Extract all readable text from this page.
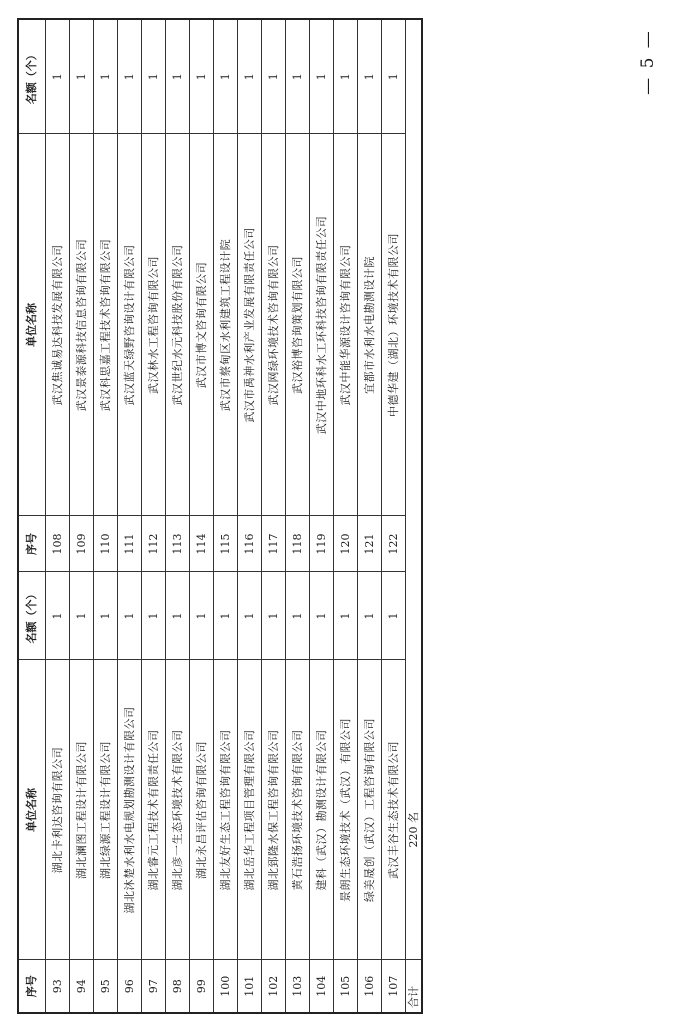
— 5 —
序号	单位名称	名额（个）	序号	单位名称	名额（个）
93	湖北卡利达咨询有限公司	1	108	武汉焦诚易达科技发展有限公司	1
94	湖北澜图工程设计有限公司	1	109	武汉景泰源科技信息咨询有限公司	1
95	湖北绿源工程设计有限公司	1	110	武汉科思嘉工程技术咨询有限公司	1
96	湖北沐楚水利水电规划勘测设计有限公司	1	111	武汉蓝天绿野咨询设计有限公司	1
97	湖北睿元工程技术有限责任公司	1	112	武汉林水工程咨询有限公司	1
98	湖北彦一生态环境技术有限公司	1	113	武汉世纪水元科技股份有限公司	1
99	湖北永昌评估咨询有限公司	1	114	武汉市博文咨询有限公司	1
100	湖北友好生态工程咨询有限公司	1	115	武汉市蔡甸区水利建筑工程设计院	1
101	湖北岳华工程项目管理有限公司	1	116	武汉市禹神水利产业发展有限责任公司	1
102	湖北郅隆水保工程咨询有限公司	1	117	武汉网绿环境技术咨询有限公司	1
103	黄石浩扬环境技术咨询有限公司	1	118	武汉裕博咨询策划有限公司	1
104	建科（武汉）勘测设计有限公司	1	119	武汉中地环科水工环科技咨询有限责任公司	1
105	景朗生态环境技术（武汉）有限公司	1	120	武汉中能华源设计咨询有限公司	1
106	绿美晟创（武汉）工程咨询有限公司	1	121	宜都市水利水电勘测设计院	1
107	武汉丰谷生态技术有限公司	1	122	中德华建（湖北）环境技术有限公司	1
合计	220 名				
